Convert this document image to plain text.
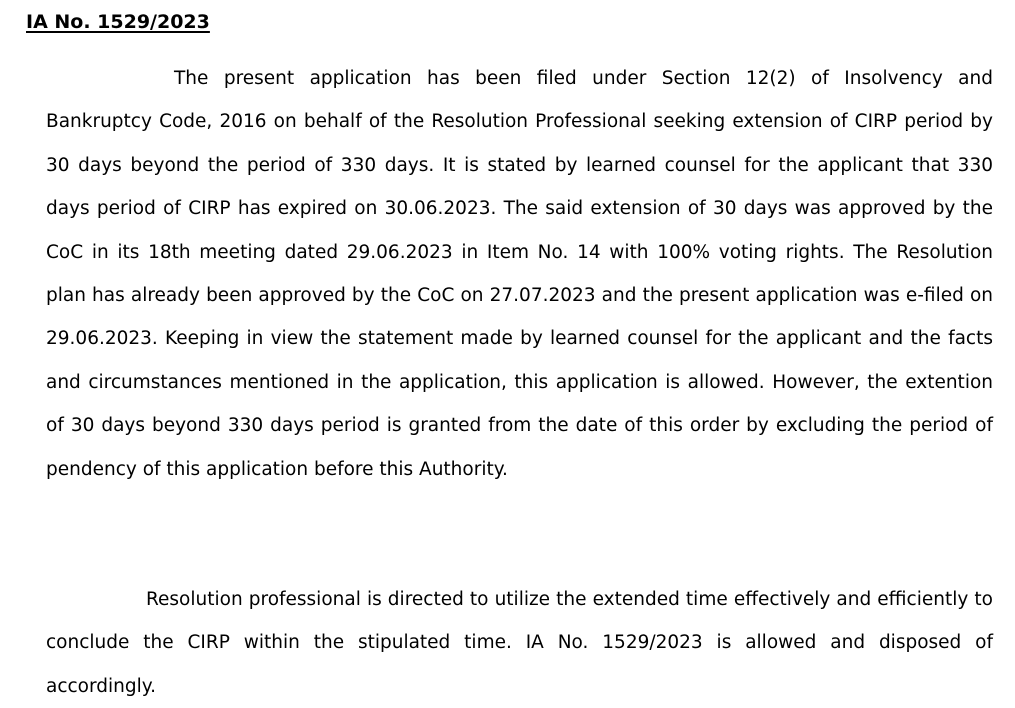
IA No. 1529/2023

The present application has been filed under Section 12(2) of Insolvency and Bankruptcy Code, 2016 on behalf of the Resolution Professional seeking extension of CIRP period by 30 days beyond the period of 330 days. It is stated by learned counsel for the applicant that 330 days period of CIRP has expired on 30.06.2023. The said extension of 30 days was approved by the CoC in its 18th meeting dated 29.06.2023 in Item No. 14 with 100% voting rights. The Resolution plan has already been approved by the CoC on 27.07.2023 and the present application was e-filed on 29.06.2023. Keeping in view the statement made by learned counsel for the applicant and the facts and circumstances mentioned in the application, this application is allowed. However, the extention of 30 days beyond 330 days period is granted from the date of this order by excluding the period of pendency of this application before this Authority.

Resolution professional is directed to utilize the extended time effectively and efficiently to conclude the CIRP within the stipulated time. IA No. 1529/2023 is allowed and disposed of accordingly.
